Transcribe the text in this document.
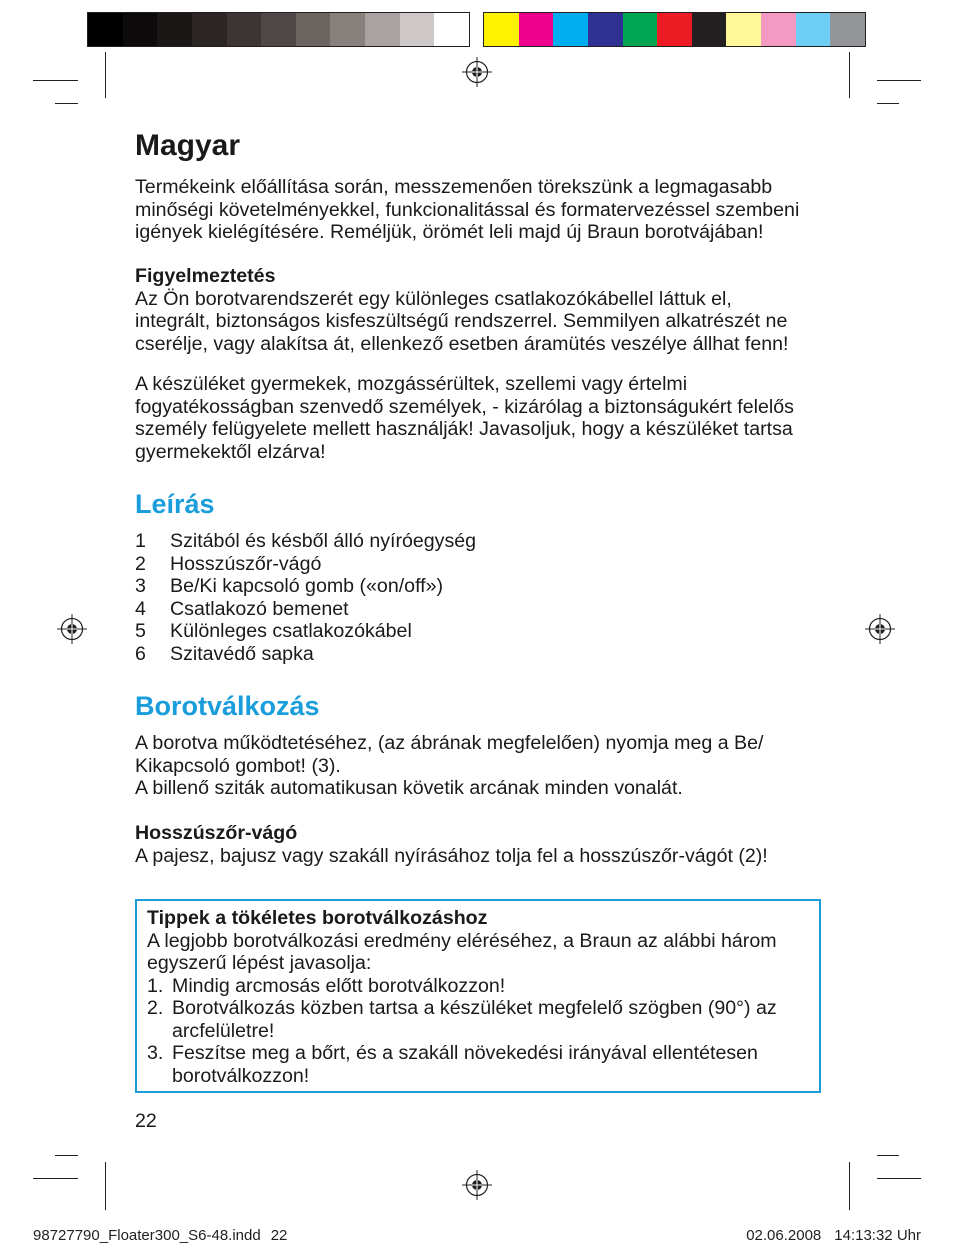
Magyar
Termékeink előállítása során, messzemenően törekszünk a legmagasabb
minőségi követelményekkel, funkcionalitással és formatervezéssel szembeni
igények kielégítésére. Reméljük, örömét leli majd új Braun borotvájában!
Figyelmeztetés
Az Ön borotvarendszerét egy különleges csatlakozókábellel láttuk el,
integrált, biztonságos kisfeszültségű rendszerrel. Semmilyen alkatrészét ne
cserélje, vagy alakítsa át, ellenkező esetben áramütés veszélye állhat fenn!
A készüléket gyermekek, mozgássérültek, szellemi vagy értelmi
fogyatékosságban szenvedő személyek, - kizárólag a biztonságukért felelős
személy felügyelete mellett használják! Javasoljuk, hogy a készüléket tartsa
gyermekektől elzárva!
Leírás
1	Szitából és késből álló nyíróegység
2	Hosszúszőr-vágó
3	Be/Ki kapcsoló gomb («on/off»)
4	Csatlakozó bemenet
5	Különleges csatlakozókábel
6	Szitavédő sapka
Borotválkozás
A borotva működtetéséhez, (az ábrának megfelelően) nyomja meg a Be/
Kikapcsoló gombot! (3).
A billenő sziták automatikusan követik arcának minden vonalát.
Hosszúszőr-vágó
A pajesz, bajusz vagy szakáll nyírásához tolja fel a hosszúszőr-vágót (2)!
Tippek a tökéletes borotválkozáshoz
A legjobb borotválkozási eredmény eléréséhez, a Braun az alábbi három
egyszerű lépést javasolja:
1. Mindig arcmosás előtt borotválkozzon!
2. Borotválkozás közben tartsa a készüléket megfelelő szögben (90°) az
arcfelületre!
3. Feszítse meg a bőrt, és a szakáll növekedési irányával ellentétesen
borotválkozzon!
22
98727790_Floater300_S6-48.indd 22	02.06.2008 14:13:32 Uhr
